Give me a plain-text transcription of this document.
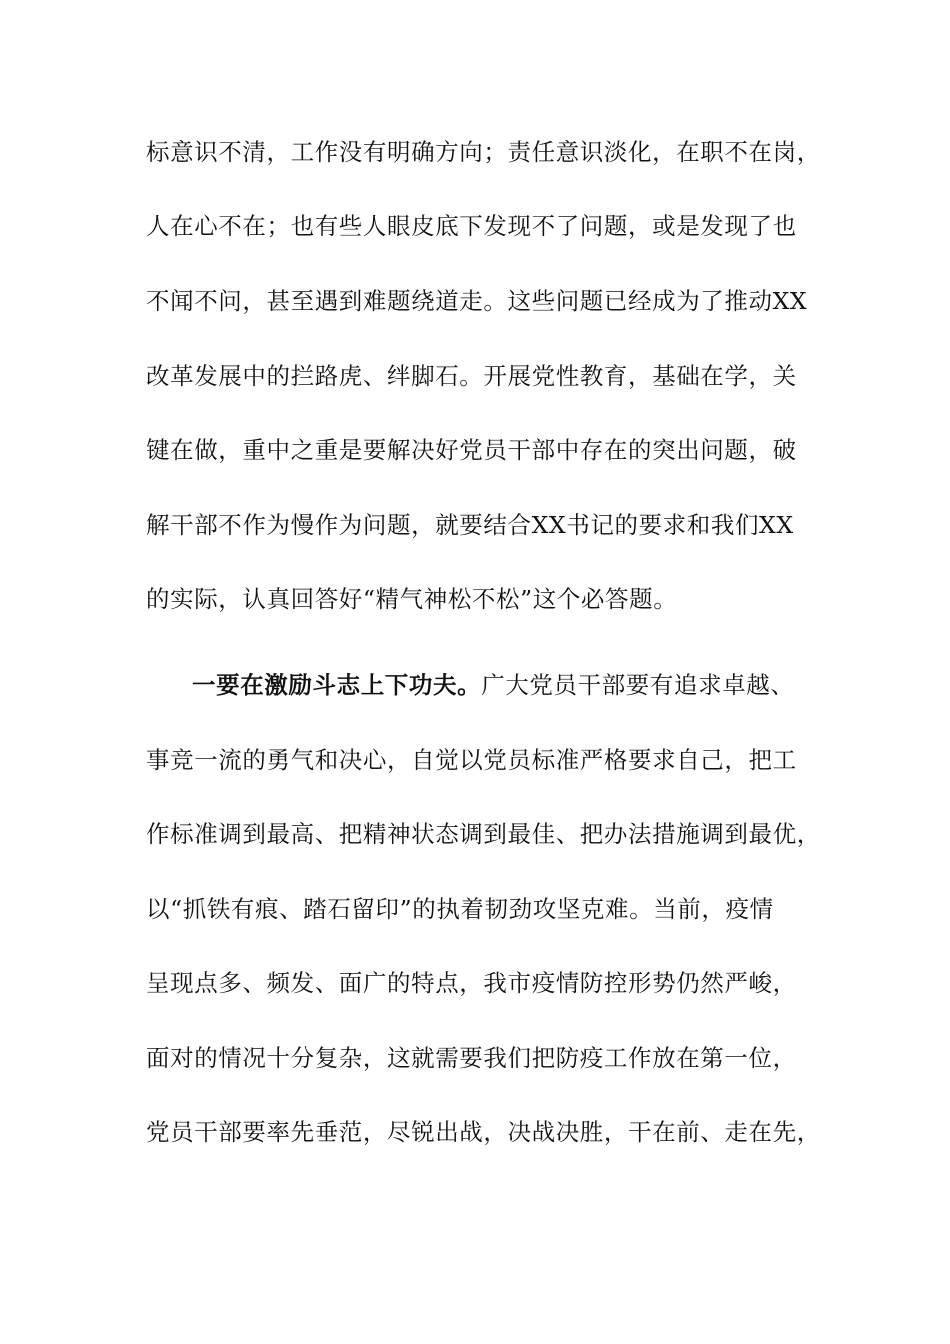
标意识不清，工作没有明确方向；责任意识淡化，在职不在岗，
人在心不在；也有些人眼皮底下发现不了问题，或是发现了也
不闻不问，甚至遇到难题绕道走。这些问题已经成为了推动XX
改革发展中的拦路虎、绊脚石。开展党性教育，基础在学，关
键在做，重中之重是要解决好党员干部中存在的突出问题，破
解干部不作为慢作为问题，就要结合XX书记的要求和我们XX
的实际，认真回答好“精气神松不松”这个必答题。
一要在激励斗志上下功夫。广大党员干部要有追求卓越、
事竞一流的勇气和决心，自觉以党员标准严格要求自己，把工
作标准调到最高、把精神状态调到最佳、把办法措施调到最优，
以“抓铁有痕、踏石留印”的执着韧劲攻坚克难。当前，疫情
呈现点多、频发、面广的特点，我市疫情防控形势仍然严峻，
面对的情况十分复杂，这就需要我们把防疫工作放在第一位，
党员干部要率先垂范，尽锐出战，决战决胜，干在前、走在先，
